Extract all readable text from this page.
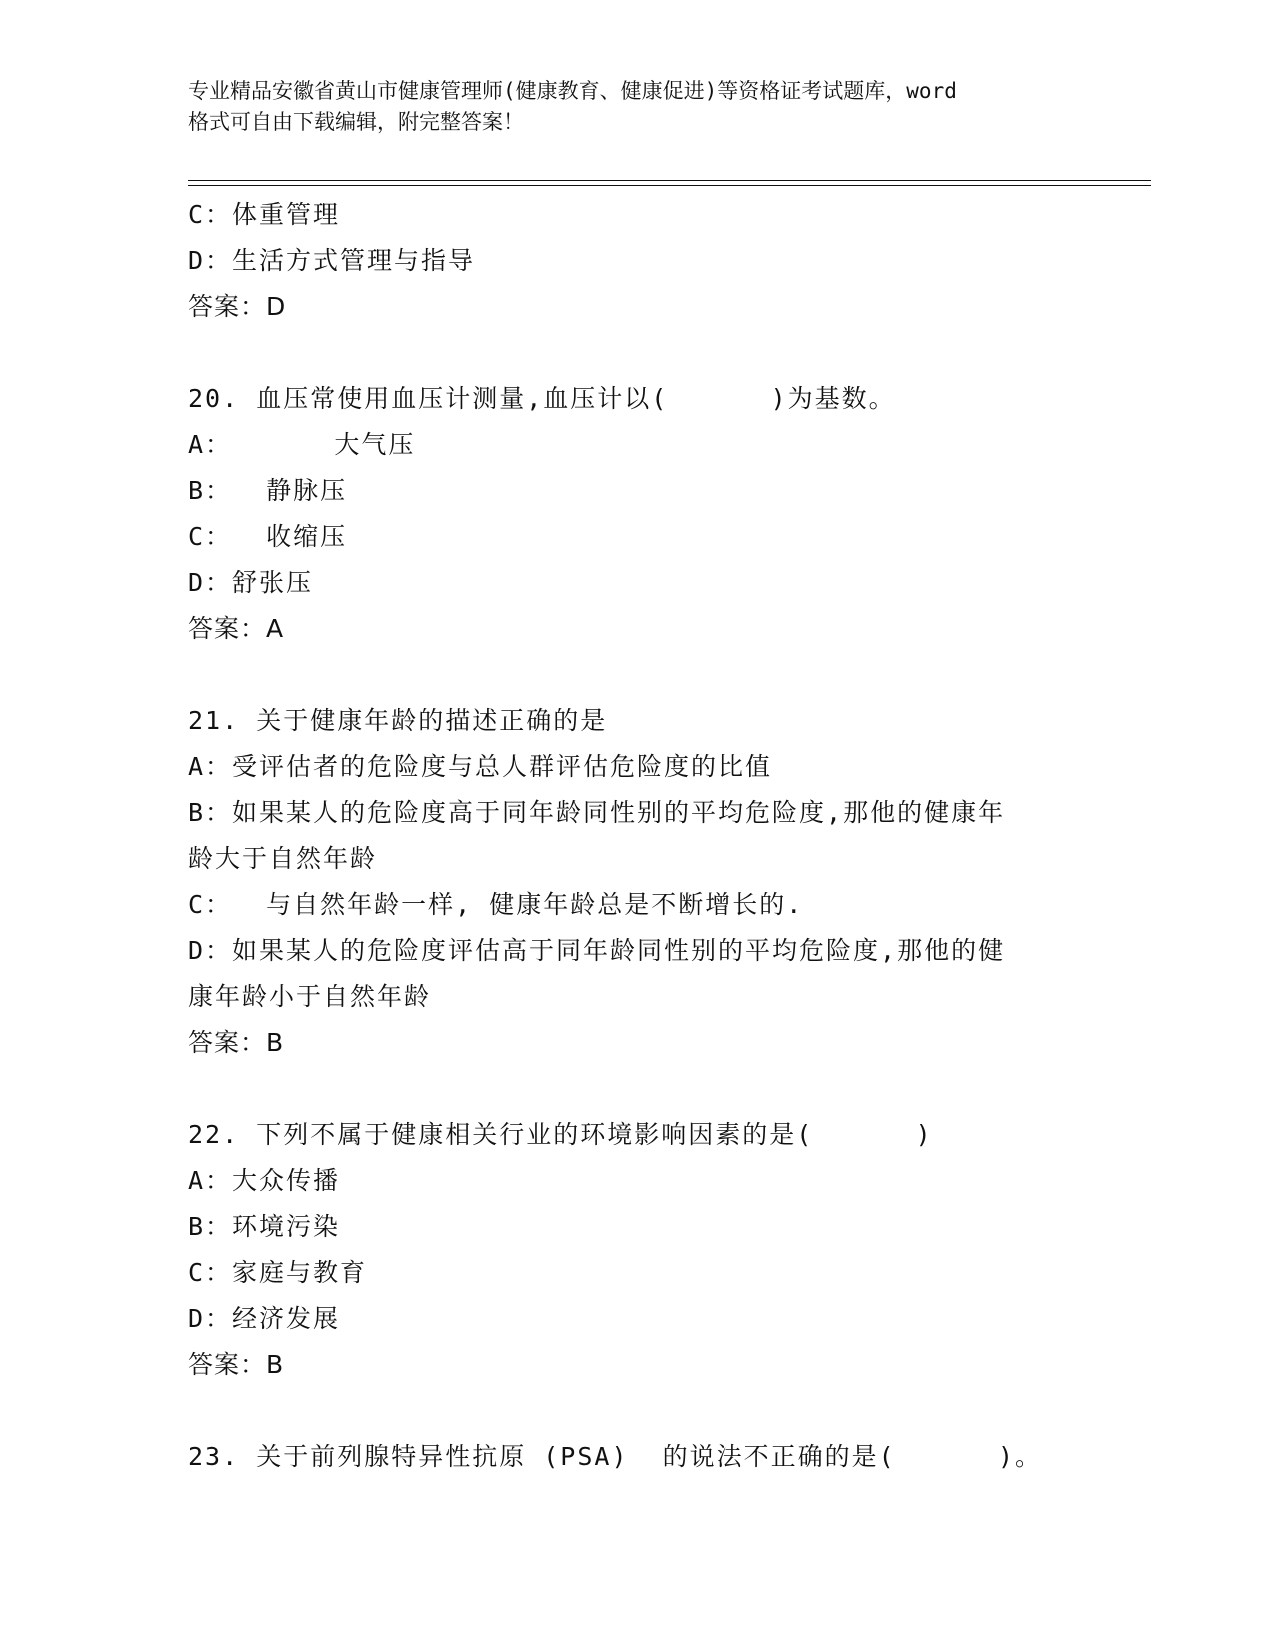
专业精品安徽省黄山市健康管理师(健康教育、健康促进)等资格证考试题库，word
格式可自由下载编辑，附完整答案！
C：体重管理
D：生活方式管理与指导
答案：D
20. 血压常使用血压计测量,血压计以(      )为基数。
A：      大气压
B：  静脉压
C：  收缩压
D：舒张压
答案：A
21. 关于健康年龄的描述正确的是
A：受评估者的危险度与总人群评估危险度的比值
B：如果某人的危险度高于同年龄同性别的平均危险度,那他的健康年
龄大于自然年龄
C：  与自然年龄一样, 健康年龄总是不断增长的.
D：如果某人的危险度评估高于同年龄同性别的平均危险度,那他的健
康年龄小于自然年龄
答案：B
22. 下列不属于健康相关行业的环境影响因素的是(      )
A：大众传播
B：环境污染
C：家庭与教育
D：经济发展
答案：B
23. 关于前列腺特异性抗原 (PSA)  的说法不正确的是(      )。
